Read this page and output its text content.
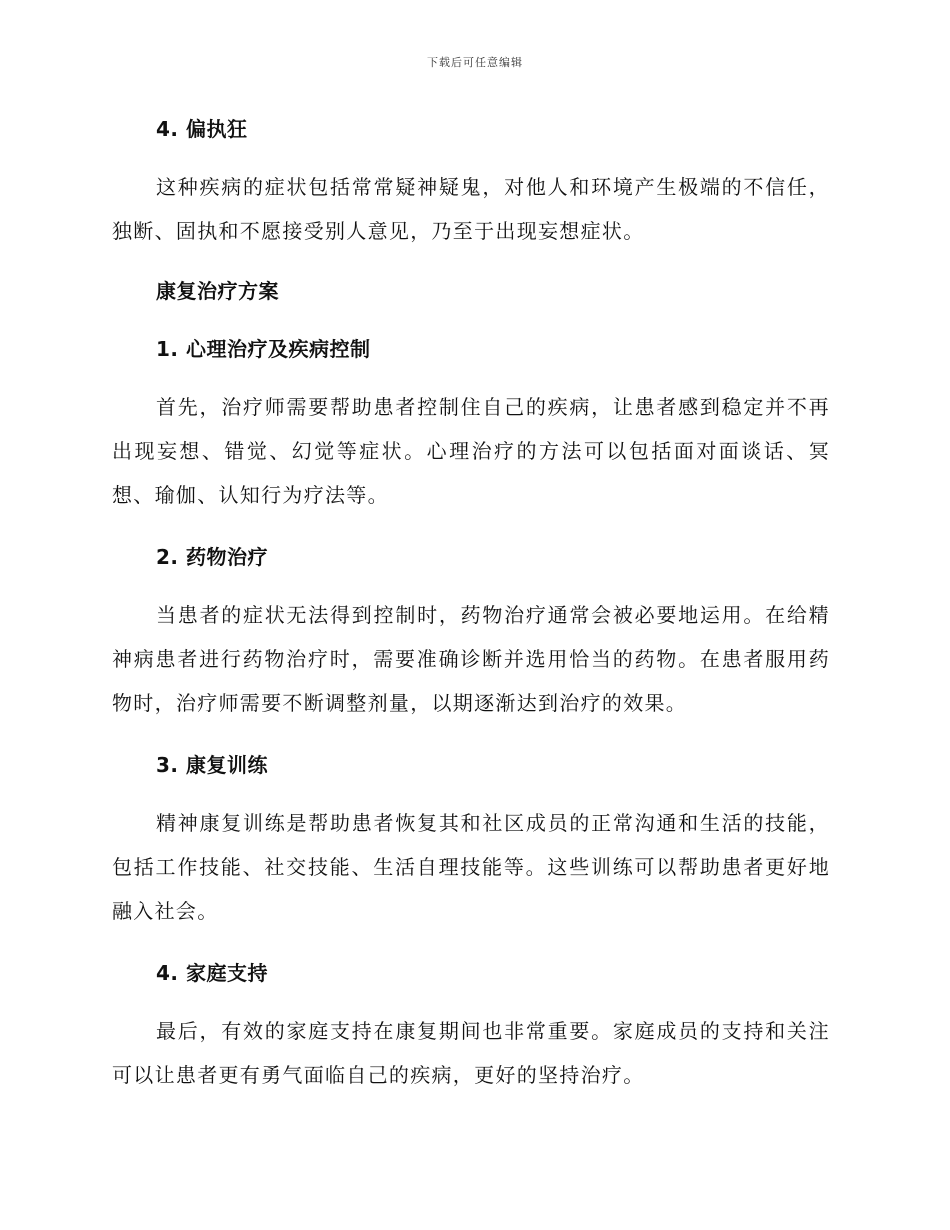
下载后可任意编辑

4. 偏执狂

这种疾病的症状包括常常疑神疑鬼，对他人和环境产生极端的不信任，独断、固执和不愿接受别人意见，乃至于出现妄想症状。

康复治疗方案

1. 心理治疗及疾病控制

首先，治疗师需要帮助患者控制住自己的疾病，让患者感到稳定并不再出现妄想、错觉、幻觉等症状。心理治疗的方法可以包括面对面谈话、冥想、瑜伽、认知行为疗法等。

2. 药物治疗

当患者的症状无法得到控制时，药物治疗通常会被必要地运用。在给精神病患者进行药物治疗时，需要准确诊断并选用恰当的药物。在患者服用药物时，治疗师需要不断调整剂量，以期逐渐达到治疗的效果。

3. 康复训练

精神康复训练是帮助患者恢复其和社区成员的正常沟通和生活的技能，包括工作技能、社交技能、生活自理技能等。这些训练可以帮助患者更好地融入社会。

4. 家庭支持

最后，有效的家庭支持在康复期间也非常重要。家庭成员的支持和关注可以让患者更有勇气面临自己的疾病，更好的坚持治疗。
